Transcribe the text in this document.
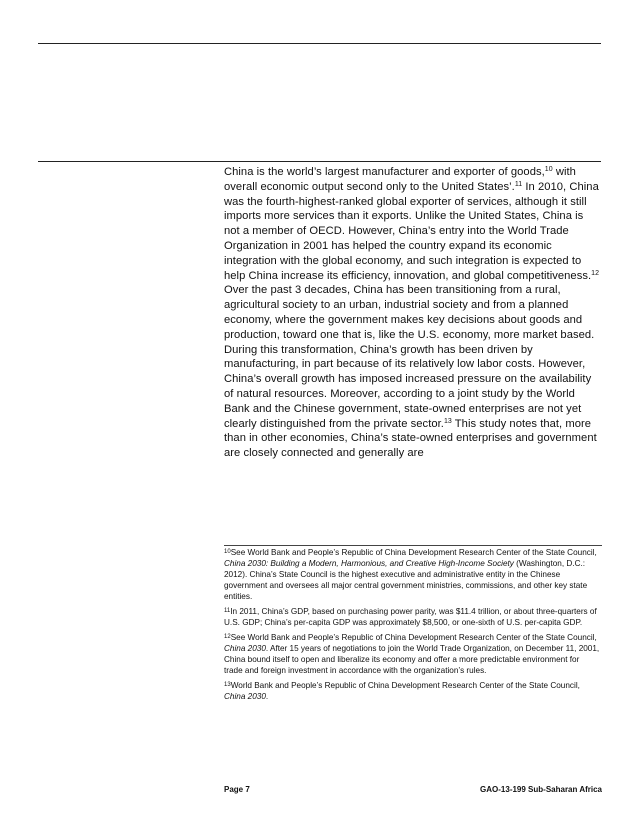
China is the world’s largest manufacturer and exporter of goods,$^{10}$ with overall economic output second only to the United States’.$^{11}$ In 2010, China was the fourth-highest-ranked global exporter of services, although it still imports more services than it exports. Unlike the United States, China is not a member of OECD. However, China’s entry into the World Trade Organization in 2001 has helped the country expand its economic integration with the global economy, and such integration is expected to help China increase its efficiency, innovation, and global competitiveness.$^{12}$ Over the past 3 decades, China has been transitioning from a rural, agricultural society to an urban, industrial society and from a planned economy, where the government makes key decisions about goods and production, toward one that is, like the U.S. economy, more market based. During this transformation, China’s growth has been driven by manufacturing, in part because of its relatively low labor costs. However, China’s overall growth has imposed increased pressure on the availability of natural resources. Moreover, according to a joint study by the World Bank and the Chinese government, state-owned enterprises are not yet clearly distinguished from the private sector.$^{13}$ This study notes that, more than in other economies, China’s state-owned enterprises and government are closely connected and generally are

$^{10}$See World Bank and People’s Republic of China Development Research Center of the State Council, China 2030: Building a Modern, Harmonious, and Creative High-Income Society (Washington, D.C.: 2012). China’s State Council is the highest executive and administrative entity in the Chinese government and oversees all major central government ministries, commissions, and other key state entities.

$^{11}$In 2011, China’s GDP, based on purchasing power parity, was $11.4 trillion, or about three-quarters of U.S. GDP; China’s per-capita GDP was approximately $8,500, or one-sixth of U.S. per-capita GDP.

$^{12}$See World Bank and People’s Republic of China Development Research Center of the State Council, China 2030. After 15 years of negotiations to join the World Trade Organization, on December 11, 2001, China bound itself to open and liberalize its economy and offer a more predictable environment for trade and foreign investment in accordance with the organization’s rules.

$^{13}$World Bank and People’s Republic of China Development Research Center of the State Council, China 2030.

Page 7	GAO-13-199 Sub-Saharan Africa
